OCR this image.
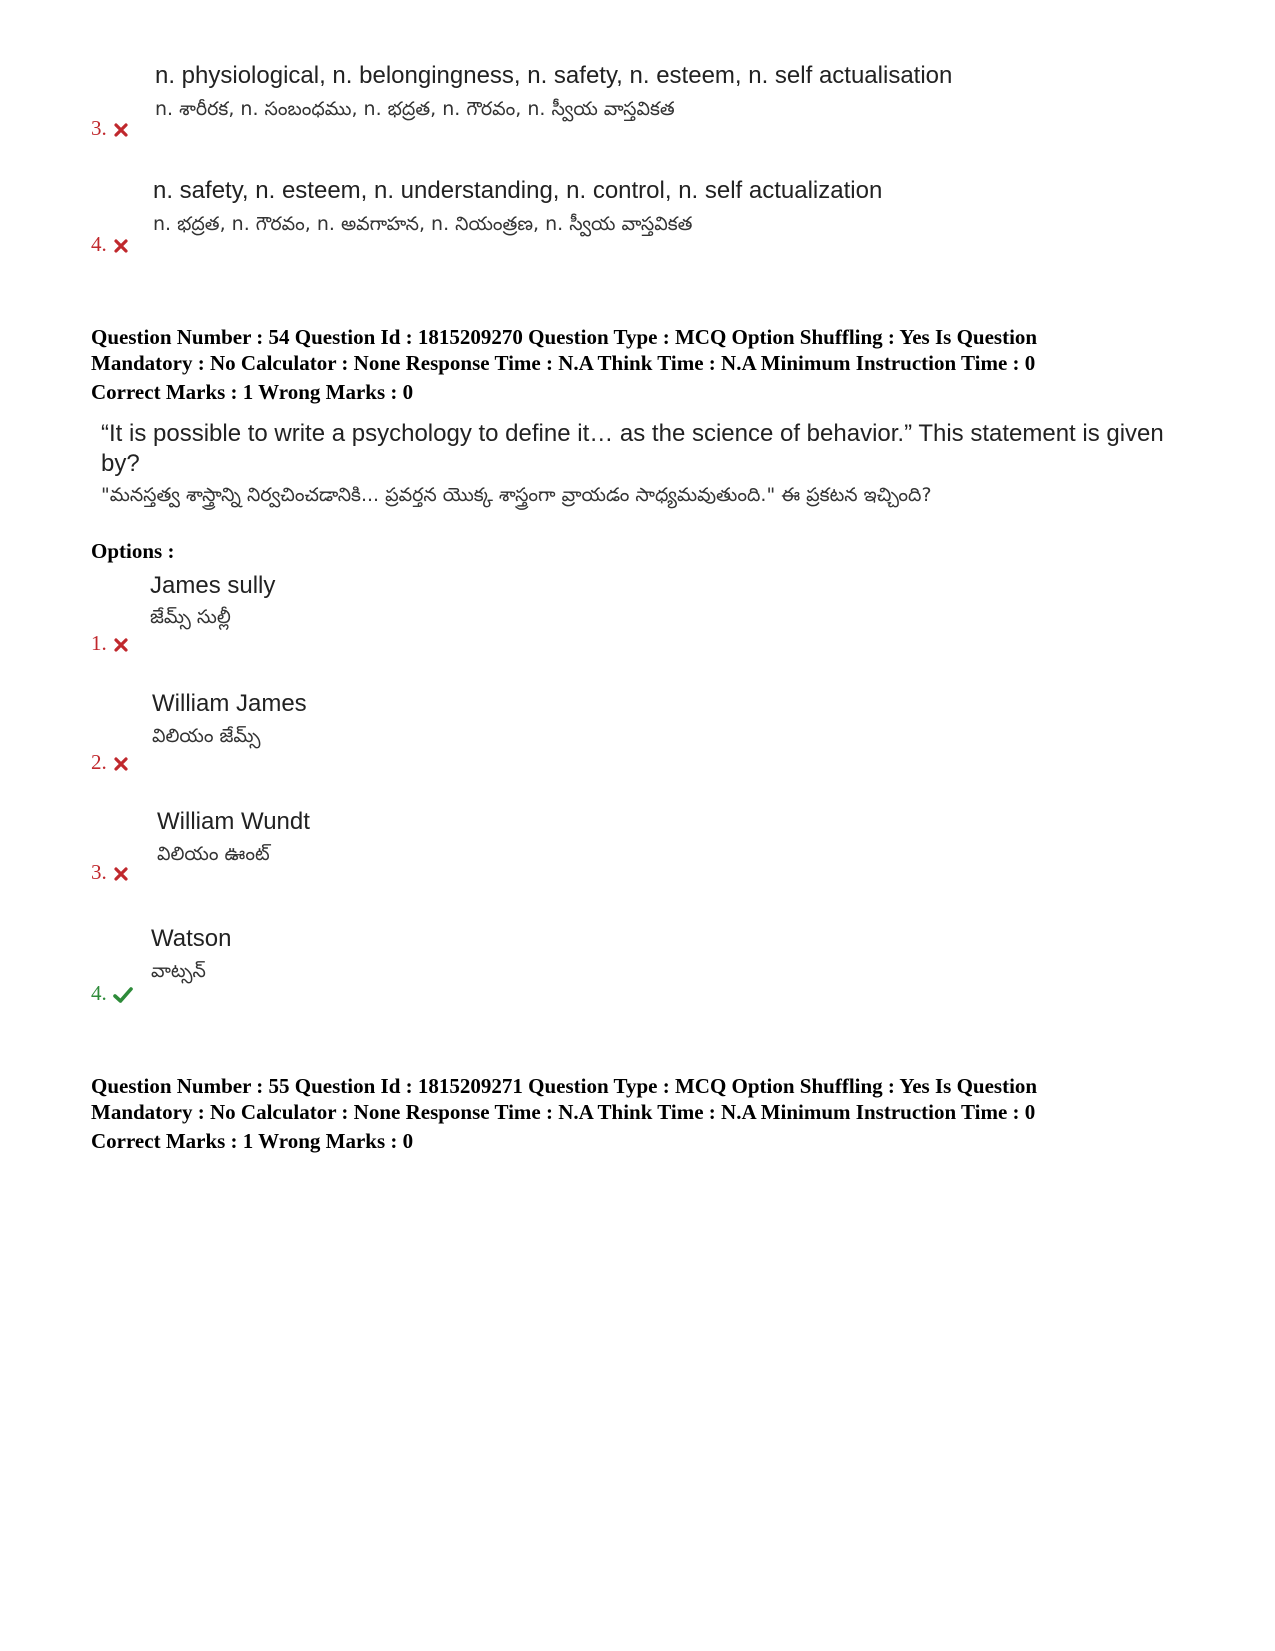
n. physiological, n. belongingness, n. safety, n. esteem, n. self actualisation
n. శారీరక, n. సంబంధము, n. భద్రత, n. గౌరవం, n. స్వీయ వాస్తవికత
3.
n. safety, n. esteem, n. understanding, n. control, n. self actualization
n. భద్రత, n. గౌరవం, n. అవగాహన, n. నియంత్రణ, n. స్వీయ వాస్తవికత
4.
Question Number : 54 Question Id : 1815209270 Question Type : MCQ Option Shuffling : Yes Is Question
Mandatory : No Calculator : None Response Time : N.A Think Time : N.A Minimum Instruction Time : 0
Correct Marks : 1 Wrong Marks : 0
“It is possible to write a psychology to define it… as the science of behavior.” This statement is given by?
"మనస్తత్వ శాస్త్రాన్ని నిర్వచించడానికి... ప్రవర్తన యొక్క శాస్త్రంగా వ్రాయడం సాధ్యమవుతుంది." ఈ ప్రకటన ఇచ్చింది?
Options :
James sully
జేమ్స్ సుల్లీ
1.
William James
విలియం జేమ్స్
2.
William Wundt
విలియం ఊంట్
3.
Watson
వాట్సన్
4.
Question Number : 55 Question Id : 1815209271 Question Type : MCQ Option Shuffling : Yes Is Question
Mandatory : No Calculator : None Response Time : N.A Think Time : N.A Minimum Instruction Time : 0
Correct Marks : 1 Wrong Marks : 0
